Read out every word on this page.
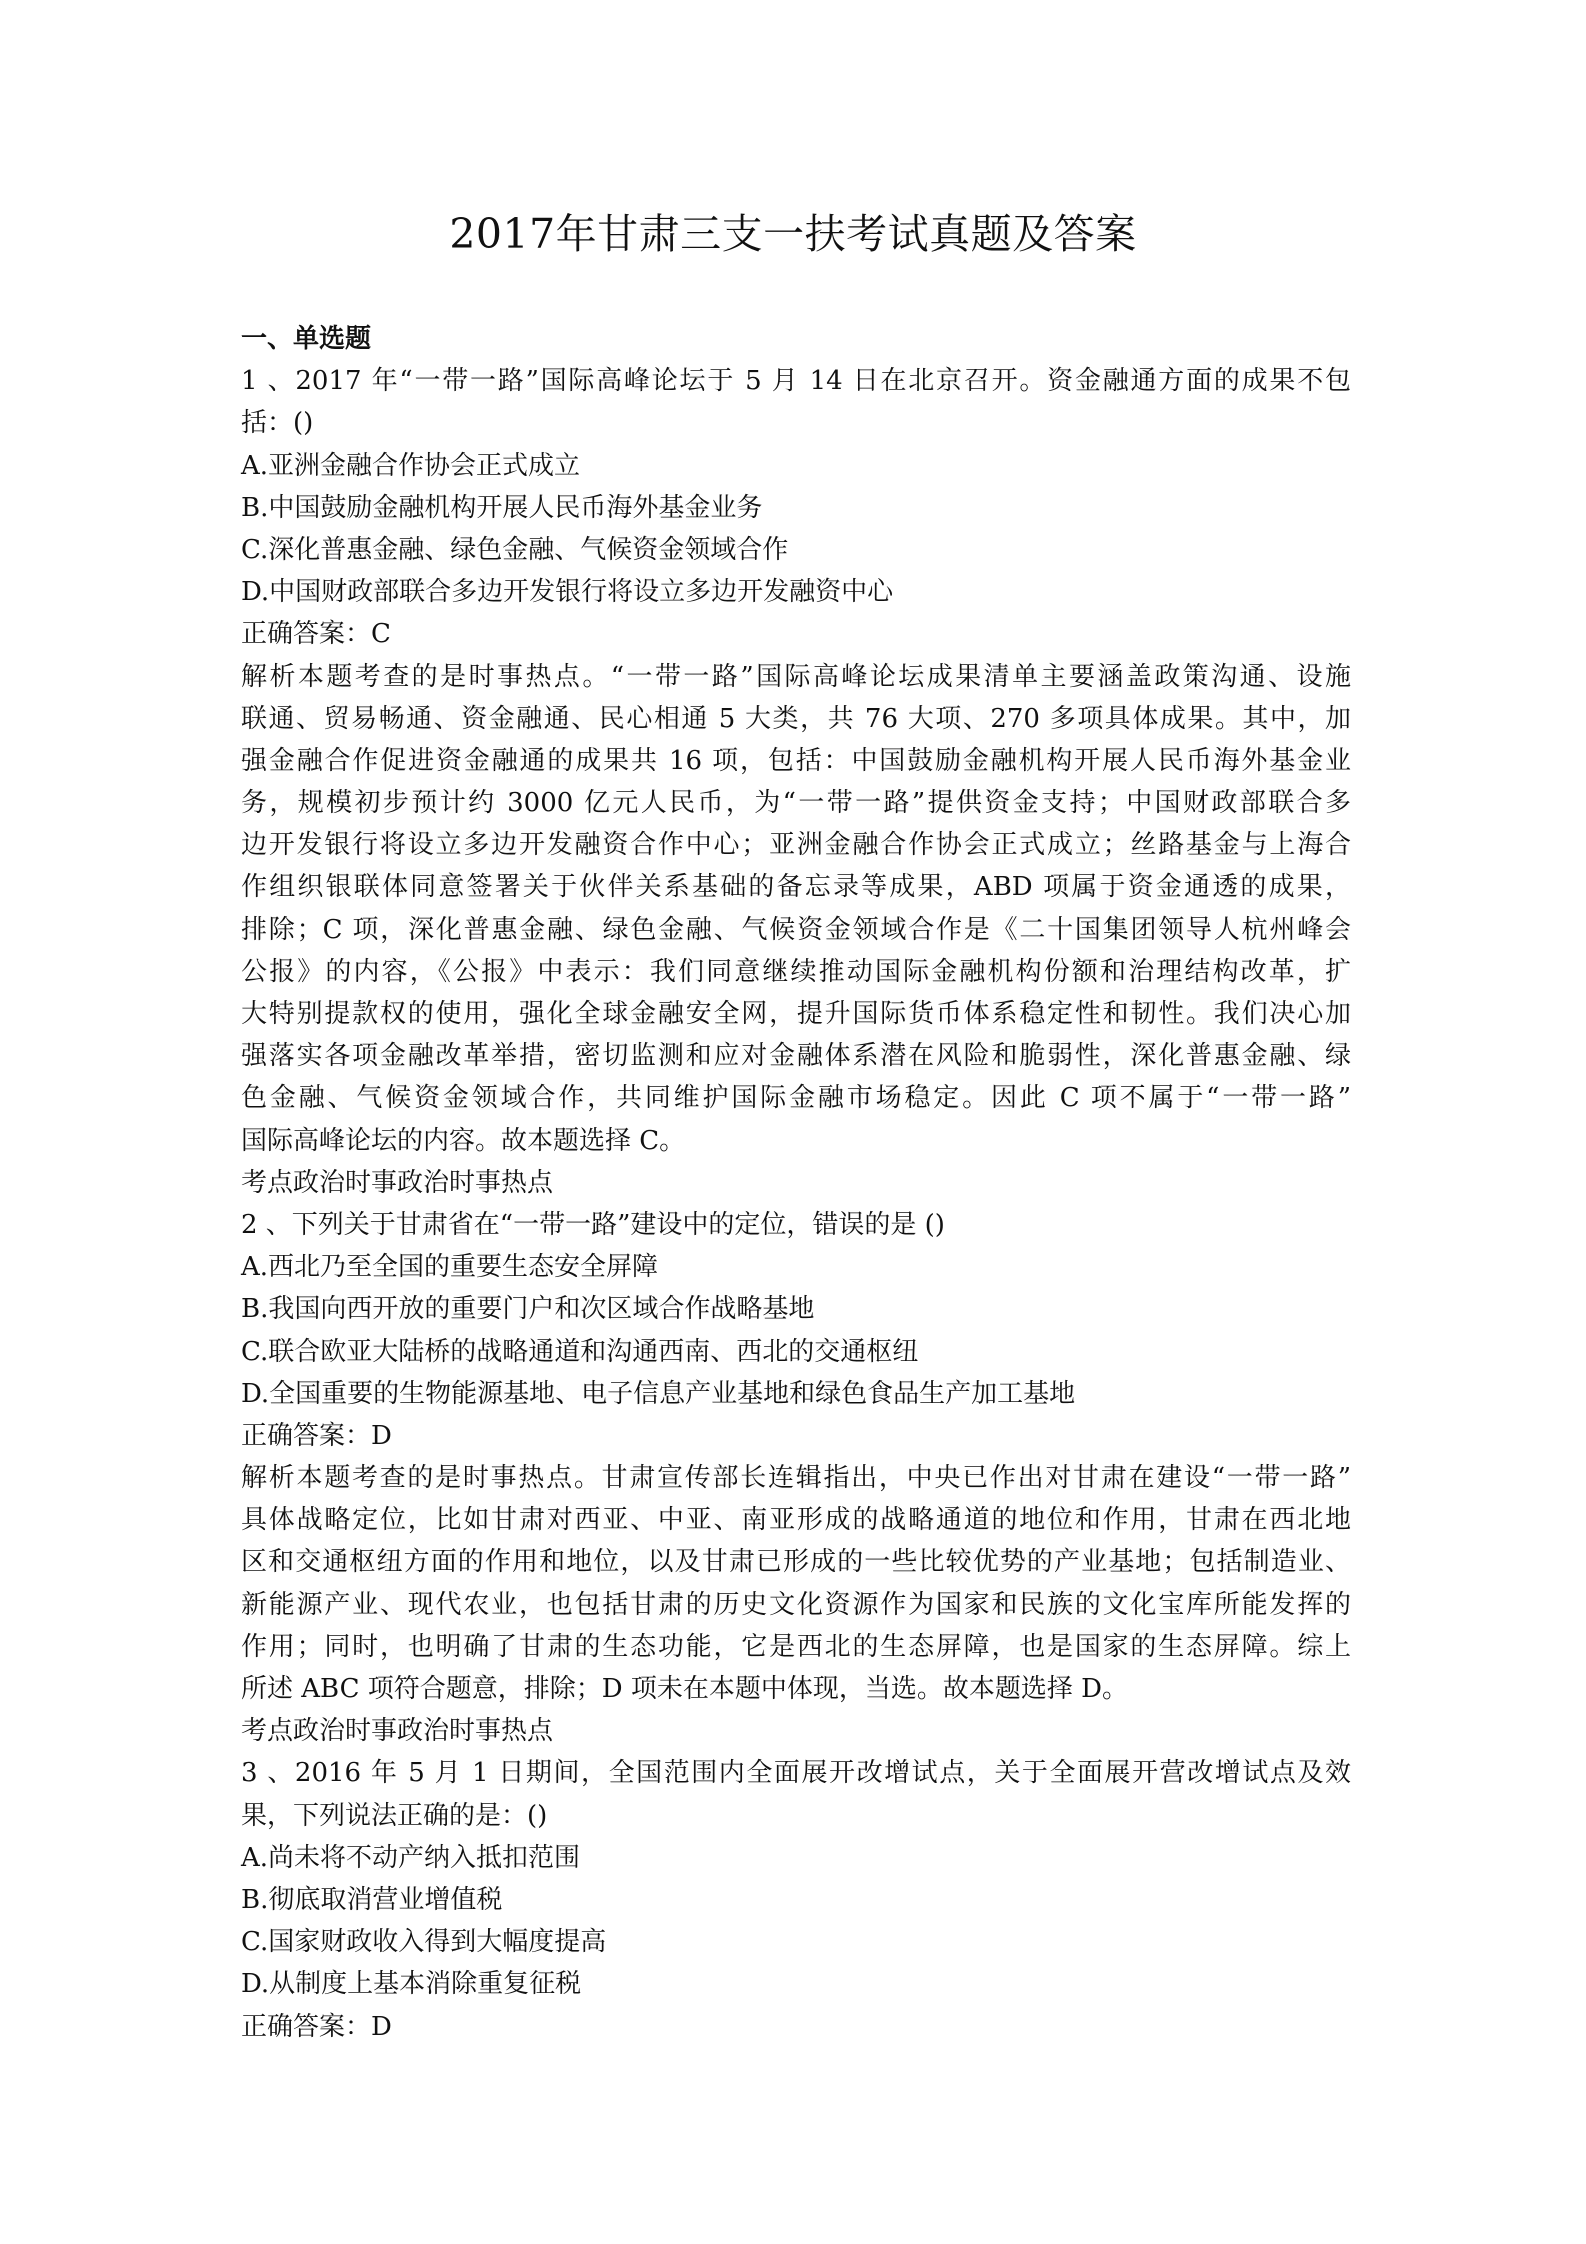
2017年甘肃三支一扶考试真题及答案
一、单选题
1 、2017 年“一带一路”国际高峰论坛于 5 月 14 日在北京召开。资金融通方面的成果不包
括：()
A.亚洲金融合作协会正式成立
B.中国鼓励金融机构开展人民币海外基金业务
C.深化普惠金融、绿色金融、气候资金领域合作
D.中国财政部联合多边开发银行将设立多边开发融资中心
正确答案：C
解析本题考查的是时事热点。“一带一路”国际高峰论坛成果清单主要涵盖政策沟通、设施
联通、贸易畅通、资金融通、民心相通 5 大类，共 76 大项、270 多项具体成果。其中，加
强金融合作促进资金融通的成果共 16 项，包括：中国鼓励金融机构开展人民币海外基金业
务，规模初步预计约 3000 亿元人民币，为“一带一路”提供资金支持；中国财政部联合多
边开发银行将设立多边开发融资合作中心；亚洲金融合作协会正式成立；丝路基金与上海合
作组织银联体同意签署关于伙伴关系基础的备忘录等成果，ABD 项属于资金通透的成果，
排除；C 项，深化普惠金融、绿色金融、气候资金领域合作是《二十国集团领导人杭州峰会
公报》的内容，《公报》中表示：我们同意继续推动国际金融机构份额和治理结构改革，扩
大特别提款权的使用，强化全球金融安全网，提升国际货币体系稳定性和韧性。我们决心加
强落实各项金融改革举措，密切监测和应对金融体系潜在风险和脆弱性，深化普惠金融、绿
色金融、气候资金领域合作，共同维护国际金融市场稳定。因此 C 项不属于“一带一路”
国际高峰论坛的内容。故本题选择 C。
考点政治时事政治时事热点
2 、下列关于甘肃省在“一带一路”建设中的定位，错误的是 ()
A.西北乃至全国的重要生态安全屏障
B.我国向西开放的重要门户和次区域合作战略基地
C.联合欧亚大陆桥的战略通道和沟通西南、西北的交通枢纽
D.全国重要的生物能源基地、电子信息产业基地和绿色食品生产加工基地
正确答案：D
解析本题考查的是时事热点。甘肃宣传部长连辑指出，中央已作出对甘肃在建设“一带一路”
具体战略定位，比如甘肃对西亚、中亚、南亚形成的战略通道的地位和作用，甘肃在西北地
区和交通枢纽方面的作用和地位，以及甘肃已形成的一些比较优势的产业基地；包括制造业、
新能源产业、现代农业，也包括甘肃的历史文化资源作为国家和民族的文化宝库所能发挥的
作用；同时，也明确了甘肃的生态功能，它是西北的生态屏障，也是国家的生态屏障。综上
所述 ABC 项符合题意，排除；D 项未在本题中体现，当选。故本题选择 D。
考点政治时事政治时事热点
3 、2016 年 5 月 1 日期间，全国范围内全面展开改增试点，关于全面展开营改增试点及效
果，下列说法正确的是：()
A.尚未将不动产纳入抵扣范围
B.彻底取消营业增值税
C.国家财政收入得到大幅度提高
D.从制度上基本消除重复征税
正确答案：D
